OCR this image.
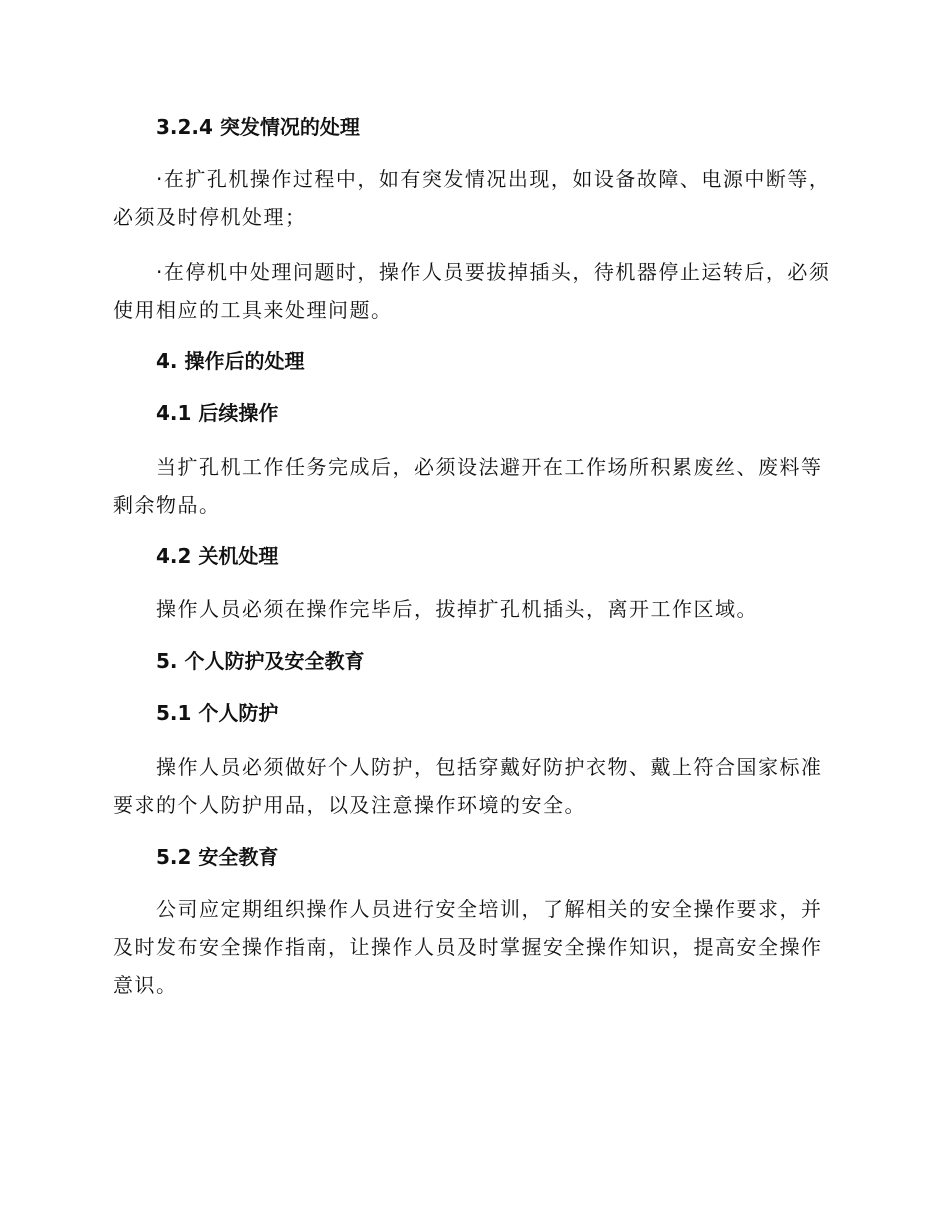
3.2.4 突发情况的处理
·在扩孔机操作过程中，如有突发情况出现，如设备故障、电源中断等，必须及时停机处理；
·在停机中处理问题时，操作人员要拔掉插头，待机器停止运转后，必须使用相应的工具来处理问题。
4. 操作后的处理
4.1 后续操作
当扩孔机工作任务完成后，必须设法避开在工作场所积累废丝、废料等剩余物品。
4.2 关机处理
操作人员必须在操作完毕后，拔掉扩孔机插头，离开工作区域。
5. 个人防护及安全教育
5.1 个人防护
操作人员必须做好个人防护，包括穿戴好防护衣物、戴上符合国家标准要求的个人防护用品，以及注意操作环境的安全。
5.2 安全教育
公司应定期组织操作人员进行安全培训，了解相关的安全操作要求，并及时发布安全操作指南，让操作人员及时掌握安全操作知识，提高安全操作意识。
